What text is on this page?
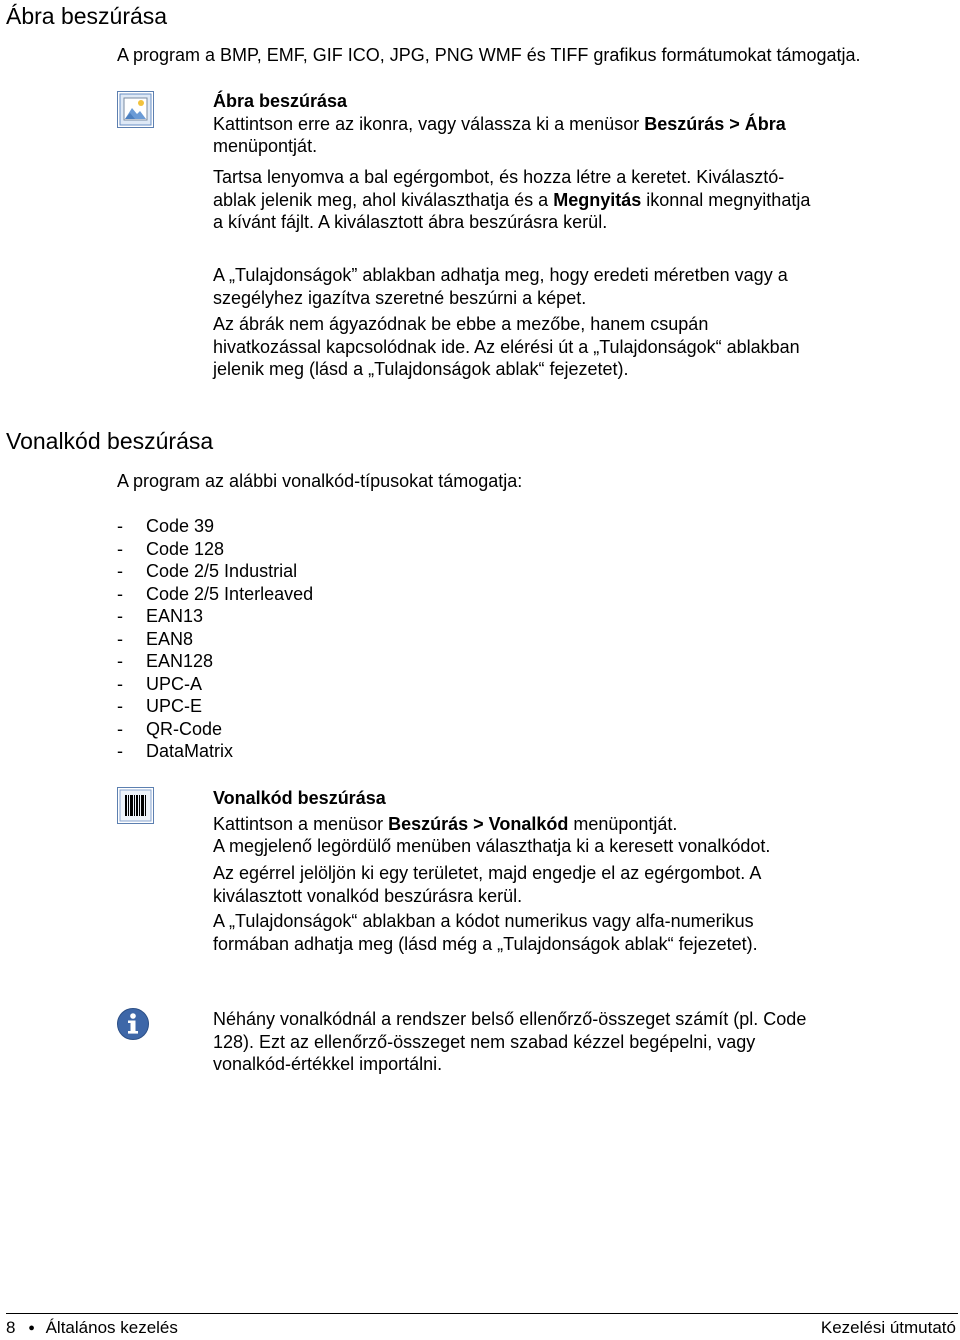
Ábra beszúrása

A program a BMP, EMF, GIF ICO, JPG, PNG WMF és TIFF grafikus formátumokat támogatja.

Ábra beszúrása
Kattintson erre az ikonra, vagy válassza ki a menüsor Beszúrás > Ábra
menüpontját.

Tartsa lenyomva a bal egérgombot, és hozza létre a keretet. Kiválasztó-
ablak jelenik meg, ahol kiválaszthatja és a Megnyitás ikonnal megnyithatja
a kívánt fájlt. A kiválasztott ábra beszúrásra kerül.

A „Tulajdonságok” ablakban adhatja meg, hogy eredeti méretben vagy a
szegélyhez igazítva szeretné beszúrni a képet.

Az ábrák nem ágyazódnak be ebbe a mezőbe, hanem csupán
hivatkozással kapcsolódnak ide. Az elérési út a „Tulajdonságok“ ablakban
jelenik meg (lásd a „Tulajdonságok ablak“ fejezetet).

Vonalkód beszúrása

A program az alábbi vonalkód-típusokat támogatja:

- Code 39
- Code 128
- Code 2/5 Industrial
- Code 2/5 Interleaved
- EAN13
- EAN8
- EAN128
- UPC-A
- UPC-E
- QR-Code
- DataMatrix

Vonalkód beszúrása
Kattintson a menüsor Beszúrás > Vonalkód menüpontját.
A megjelenő legördülő menüben választhatja ki a keresett vonalkódot.

Az egérrel jelöljön ki egy területet, majd engedje el az egérgombot. A
kiválasztott vonalkód beszúrásra kerül.

A „Tulajdonságok“ ablakban a kódot numerikus vagy alfa-numerikus
formában adhatja meg (lásd még a „Tulajdonságok ablak“ fejezetet).

Néhány vonalkódnál a rendszer belső ellenőrző-összeget számít (pl. Code
128). Ezt az ellenőrző-összeget nem szabad kézzel begépelni, vagy
vonalkód-értékkel importálni.

8 ● Általános kezelés	Kezelési útmutató
